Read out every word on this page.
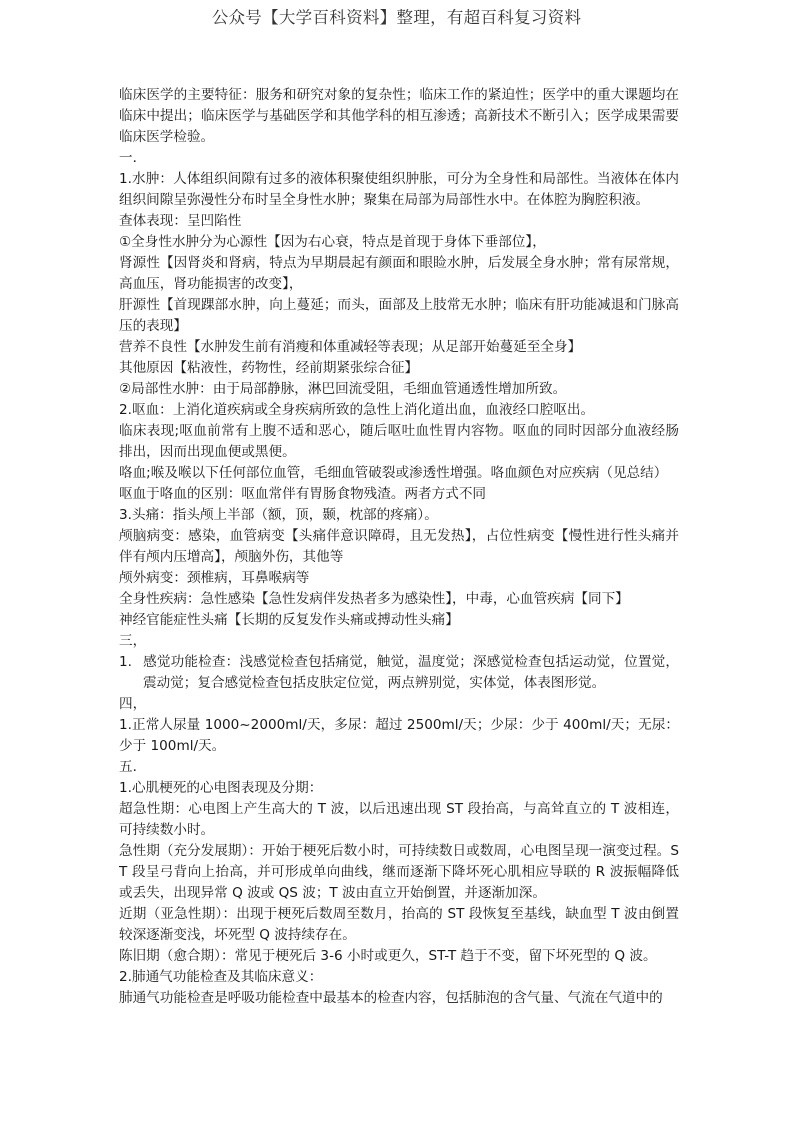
公众号【大学百科资料】整理，有超百科复习资料

临床医学的主要特征：服务和研究对象的复杂性；临床工作的紧迫性；医学中的重大课题均在临床中提出；临床医学与基础医学和其他学科的相互渗透；高新技术不断引入；医学成果需要临床医学检验。

一．

1.水肿：人体组织间隙有过多的液体积聚使组织肿胀，可分为全身性和局部性。当液体在体内组织间隙呈弥漫性分布时呈全身性水肿；聚集在局部为局部性水中。在体腔为胸腔积液。

查体表现：呈凹陷性

①全身性水肿分为心源性【因为右心衰，特点是首现于身体下垂部位】，

肾源性【因肾炎和肾病，特点为早期晨起有颜面和眼睑水肿，后发展全身水肿；常有尿常规，高血压，肾功能损害的改变】，

肝源性【首现踝部水肿，向上蔓延；而头，面部及上肢常无水肿；临床有肝功能减退和门脉高压的表现】

营养不良性【水肿发生前有消瘦和体重减轻等表现；从足部开始蔓延至全身】

其他原因【粘液性，药物性，经前期紧张综合征】

②局部性水肿：由于局部静脉，淋巴回流受阻，毛细血管通透性增加所致。

2.呕血：上消化道疾病或全身疾病所致的急性上消化道出血，血液经口腔呕出。

临床表现;呕血前常有上腹不适和恶心，随后呕吐血性胃内容物。呕血的同时因部分血液经肠排出，因而出现血便或黑便。

咯血;喉及喉以下任何部位血管，毛细血管破裂或渗透性增强。咯血颜色对应疾病（见总结）

呕血于咯血的区别：呕血常伴有胃肠食物残渣。两者方式不同

3.头痛：指头颅上半部（额，顶，颞，枕部的疼痛）。

颅脑病变：感染，血管病变【头痛伴意识障碍，且无发热】，占位性病变【慢性进行性头痛并伴有颅内压增高】，颅脑外伤，其他等

颅外病变：颈椎病，耳鼻喉病等

全身性疾病：急性感染【急性发病伴发热者多为感染性】，中毒，心血管疾病【同下】

神经官能症性头痛【长期的反复发作头痛或搏动性头痛】

三，

1. 感觉功能检查：浅感觉检查包括痛觉，触觉，温度觉；深感觉检查包括运动觉，位置觉，震动觉；复合感觉检查包括皮肤定位觉，两点辨别觉，实体觉，体表图形觉。

四，

1.正常人尿量 1000~2000ml/天，多尿：超过 2500ml/天；少尿：少于 400ml/天；无尿：少于 100ml/天。

五．

1.心肌梗死的心电图表现及分期：

超急性期：心电图上产生高大的 T 波，以后迅速出现 ST 段抬高，与高耸直立的 T 波相连，可持续数小时。

急性期（充分发展期）：开始于梗死后数小时，可持续数日或数周，心电图呈现一演变过程。ST 段呈弓背向上抬高，并可形成单向曲线，继而逐渐下降坏死心肌相应导联的 R 波振幅降低或丢失，出现异常 Q 波或 QS 波；T 波由直立开始倒置，并逐渐加深。

近期（亚急性期）：出现于梗死后数周至数月，抬高的 ST 段恢复至基线，缺血型 T 波由倒置较深逐渐变浅，坏死型 Q 波持续存在。

陈旧期（愈合期）：常见于梗死后 3-6 小时或更久，ST-T 趋于不变，留下坏死型的 Q 波。

2.肺通气功能检查及其临床意义：

肺通气功能检查是呼吸功能检查中最基本的检查内容，包括肺泡的含气量、气流在气道中的
